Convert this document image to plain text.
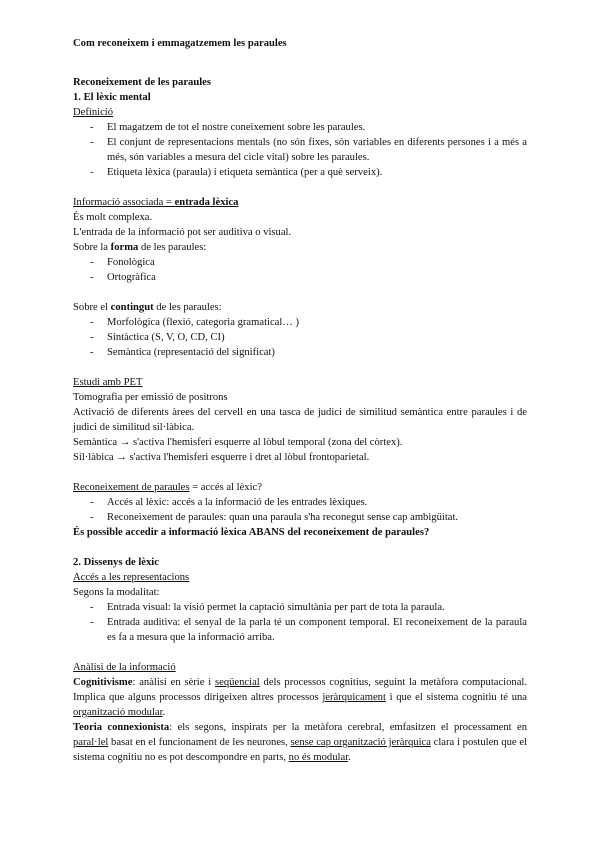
Com reconeixem i emmagatzemem les paraules

Reconeixement de les paraules

1. El lèxic mental

Definició

- El magatzem de tot el nostre coneixement sobre les paraules.
- El conjunt de representacions mentals (no són fixes, són variables en diferents persones i a més a més, són variables a mesura del cicle vital) sobre les paraules.
- Etiqueta lèxica (paraula) i etiqueta semàntica (per a què serveix).

Informació associada = entrada lèxica

És molt complexa.

L'entrada de la informació pot ser auditiva o visual.

Sobre la forma de les paraules:

- Fonològica
- Ortogràfica

Sobre el contingut de les paraules:

- Morfològica (flexió, categoria gramatical… )
- Sintàctica (S, V, O, CD, CI)
- Semàntica (representació del significat)

Estudi amb PET

Tomografia per emissió de positrons

Activació de diferents àrees del cervell en una tasca de judici de similitud semàntica entre paraules i de judici de similitud sil·làbica.

Semàntica → s'activa l'hemisferi esquerre al lòbul temporal (zona del còrtex).

Sil·làbica → s'activa l'hemisferi esquerre i dret al lòbul frontoparietal.

Reconeixement de paraules = accés al lèxic?

- Accés al lèxic: accés a la informació de les entrades lèxiques.
- Reconeixement de paraules: quan una paraula s'ha reconegut sense cap ambigüitat.

És possible accedir a informació lèxica ABANS del reconeixement de paraules?

2. Dissenys de lèxic

Accés a les representacions

Segons la modalitat:

- Entrada visual: la visió permet la captació simultània per part de tota la paraula.
- Entrada auditiva: el senyal de la parla té un component temporal. El reconeixement de la paraula es fa a mesura que la informació arriba.

Anàlisi de la informació

Cognitivisme: anàlisi en sèrie i seqüencial dels processos cognitius, seguint la metàfora computacional. Implica que alguns processos dirigeixen altres processos jeràrquicament i que el sistema cognitiu té una organització modular.

Teoria connexionista: els segons, inspirats per la metàfora cerebral, emfasitzen el processament en paral·lel basat en el funcionament de les neurones, sense cap organització jeràrquica clara i postulen que el sistema cognitiu no es pot descompondre en parts, no és modular.
